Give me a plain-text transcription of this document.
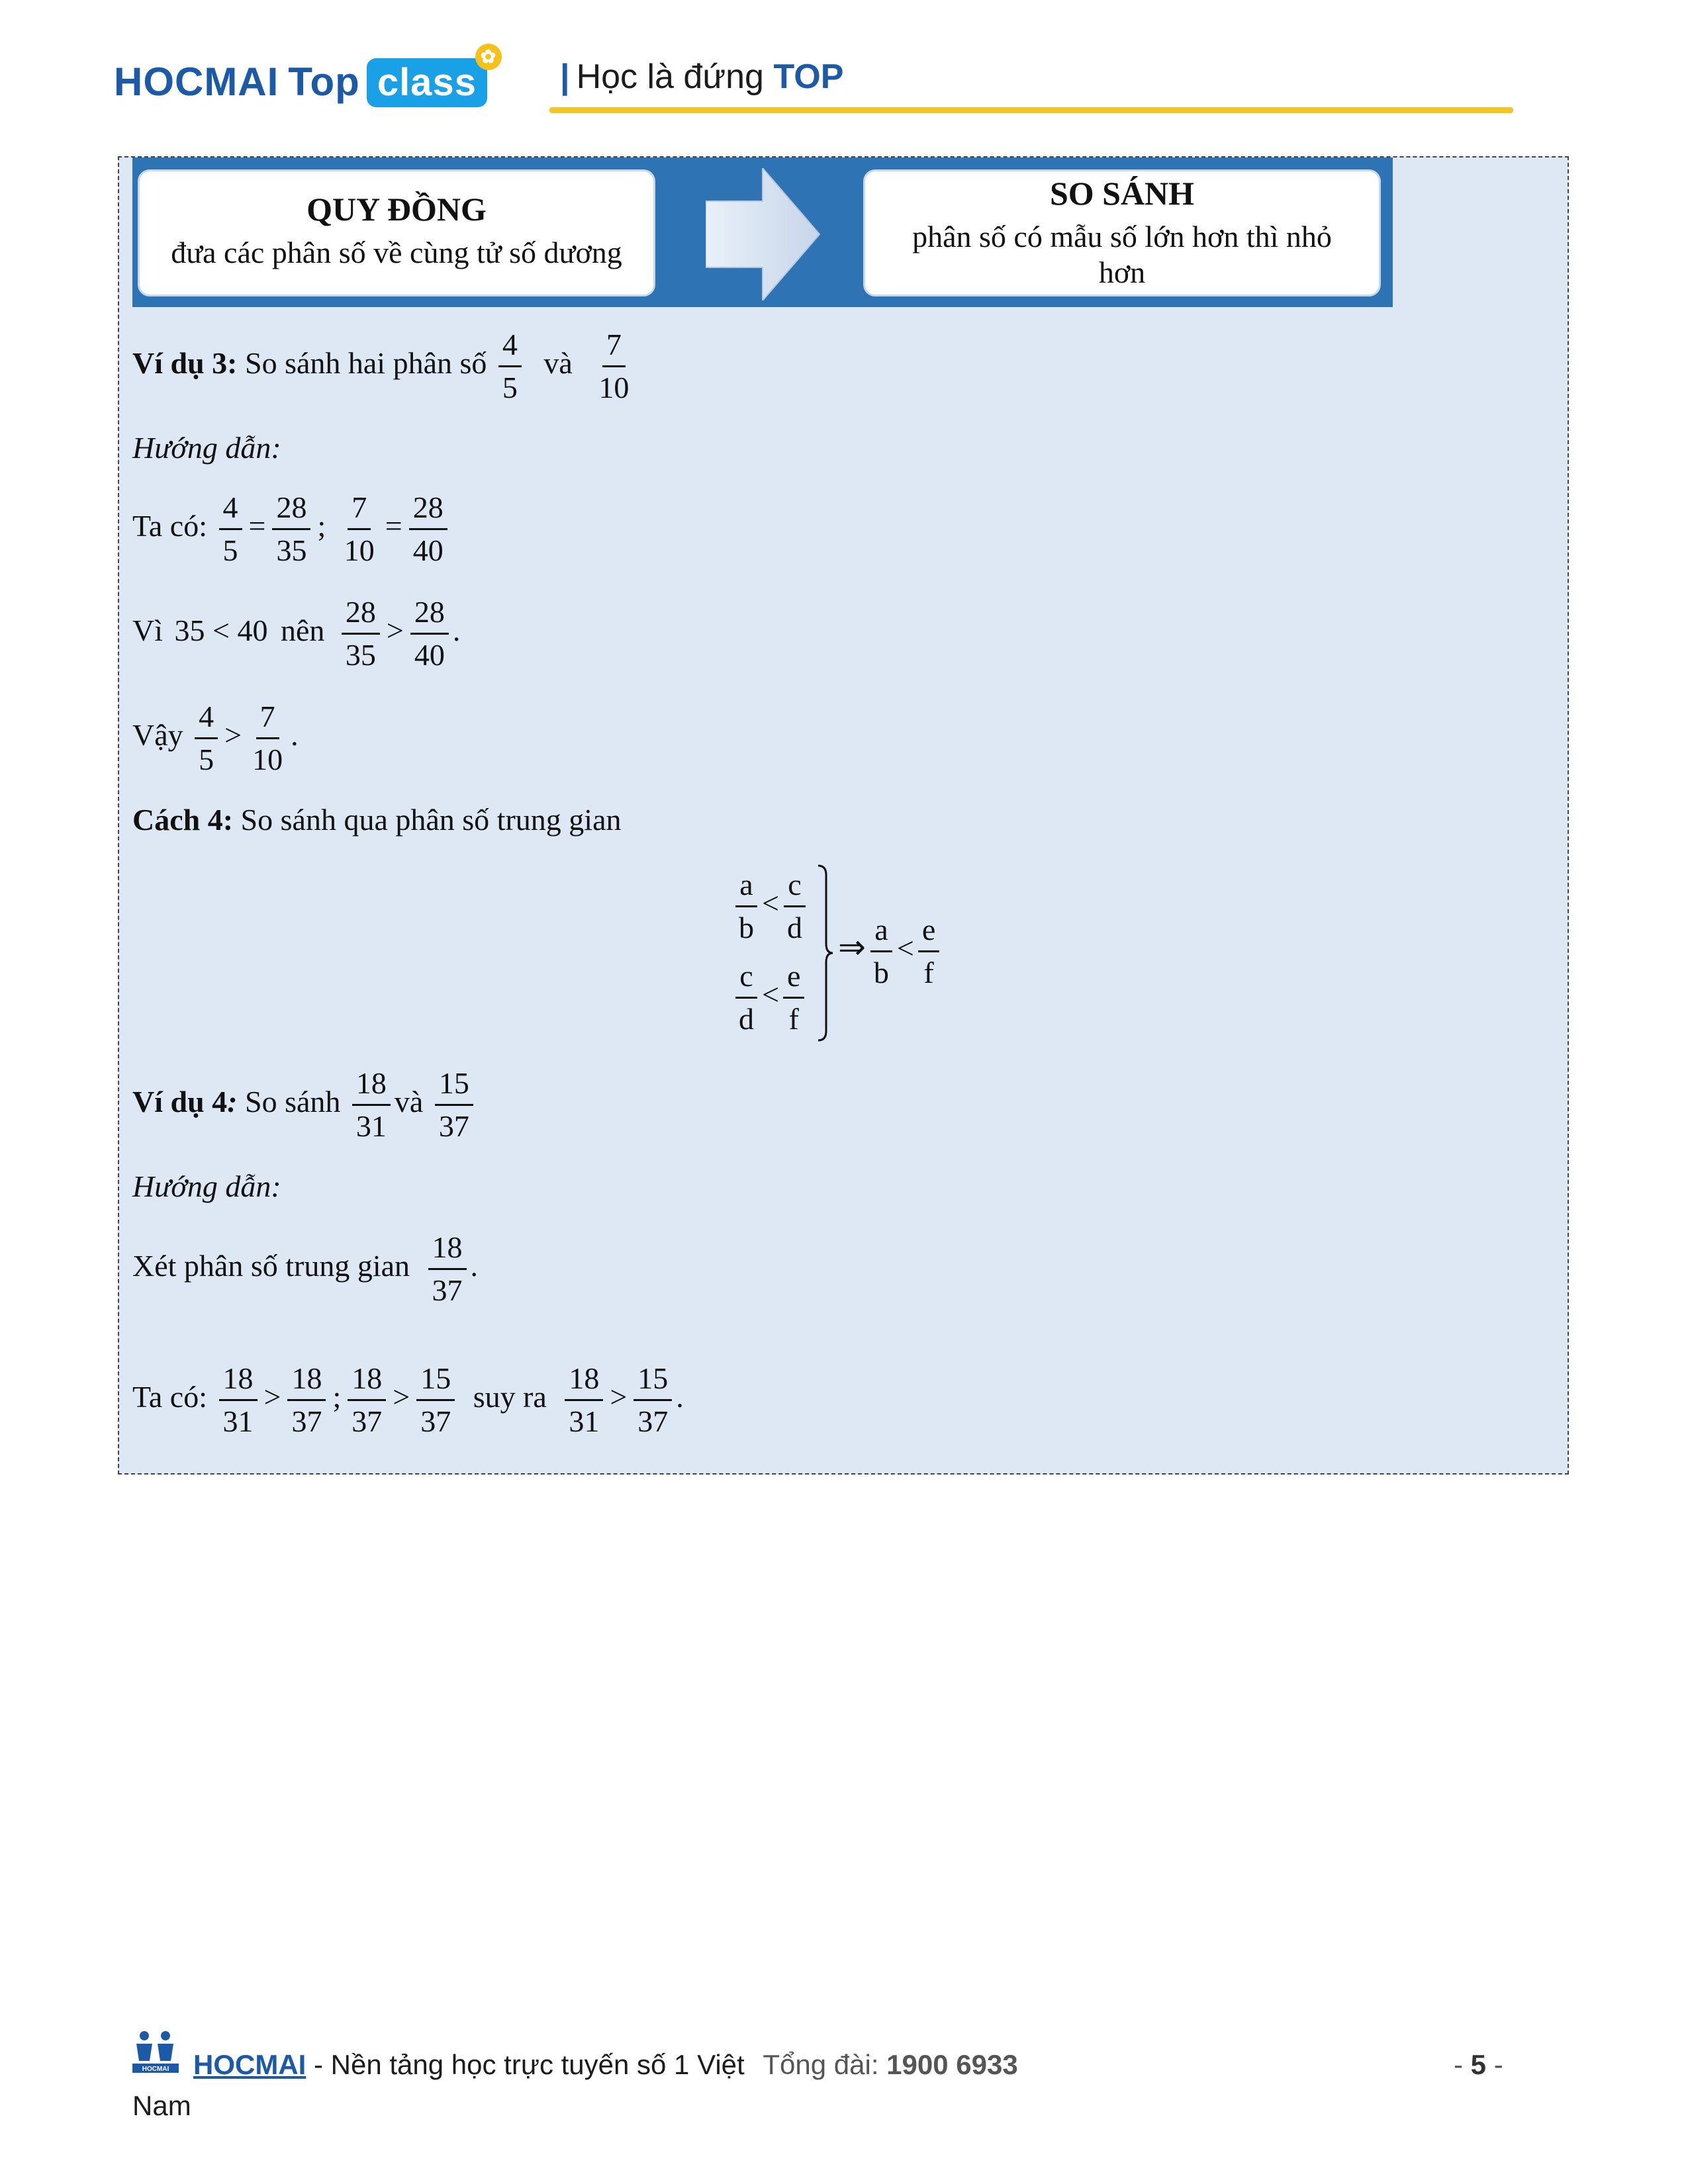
HOCMAI Top class
✿
| Học là đứng TOP
QUY ĐỒNG
đưa các phân số về cùng tử số dương
SO SÁNH
phân số có mẫu số lớn hơn thì nhỏ
hơn
Ví dụ 3: So sánh hai phân số $\frac{4}{5}$ và $\frac{7}{10}$
Hướng dẫn:
Ta có: $\frac{4}{5} = \frac{28}{35}$ ; $\frac{7}{10} = \frac{28}{40}$
Vì 35 < 40 nên $\frac{28}{35} > \frac{28}{40}$ .
Vậy $\frac{4}{5} > \frac{7}{10}$ .
Cách 4: So sánh qua phân số trung gian
$\frac{a}{b} < \frac{c}{d}$
$\frac{c}{d} < \frac{e}{f}$
⇒ $\frac{a}{b} < \frac{e}{f}$
Ví dụ 4: So sánh $\frac{18}{31}$ và $\frac{15}{37}$
Hướng dẫn:
Xét phân số trung gian $\frac{18}{37}$ .
Ta có: $\frac{18}{31} > \frac{18}{37}$ ; $\frac{18}{37} > \frac{15}{37}$ suy ra $\frac{18}{31} > \frac{15}{37}$ .
HOCMAI HOCMAI - Nền tảng học trực tuyến số 1 Việt Tổng đài: 1900 6933
Nam
- 5 -
